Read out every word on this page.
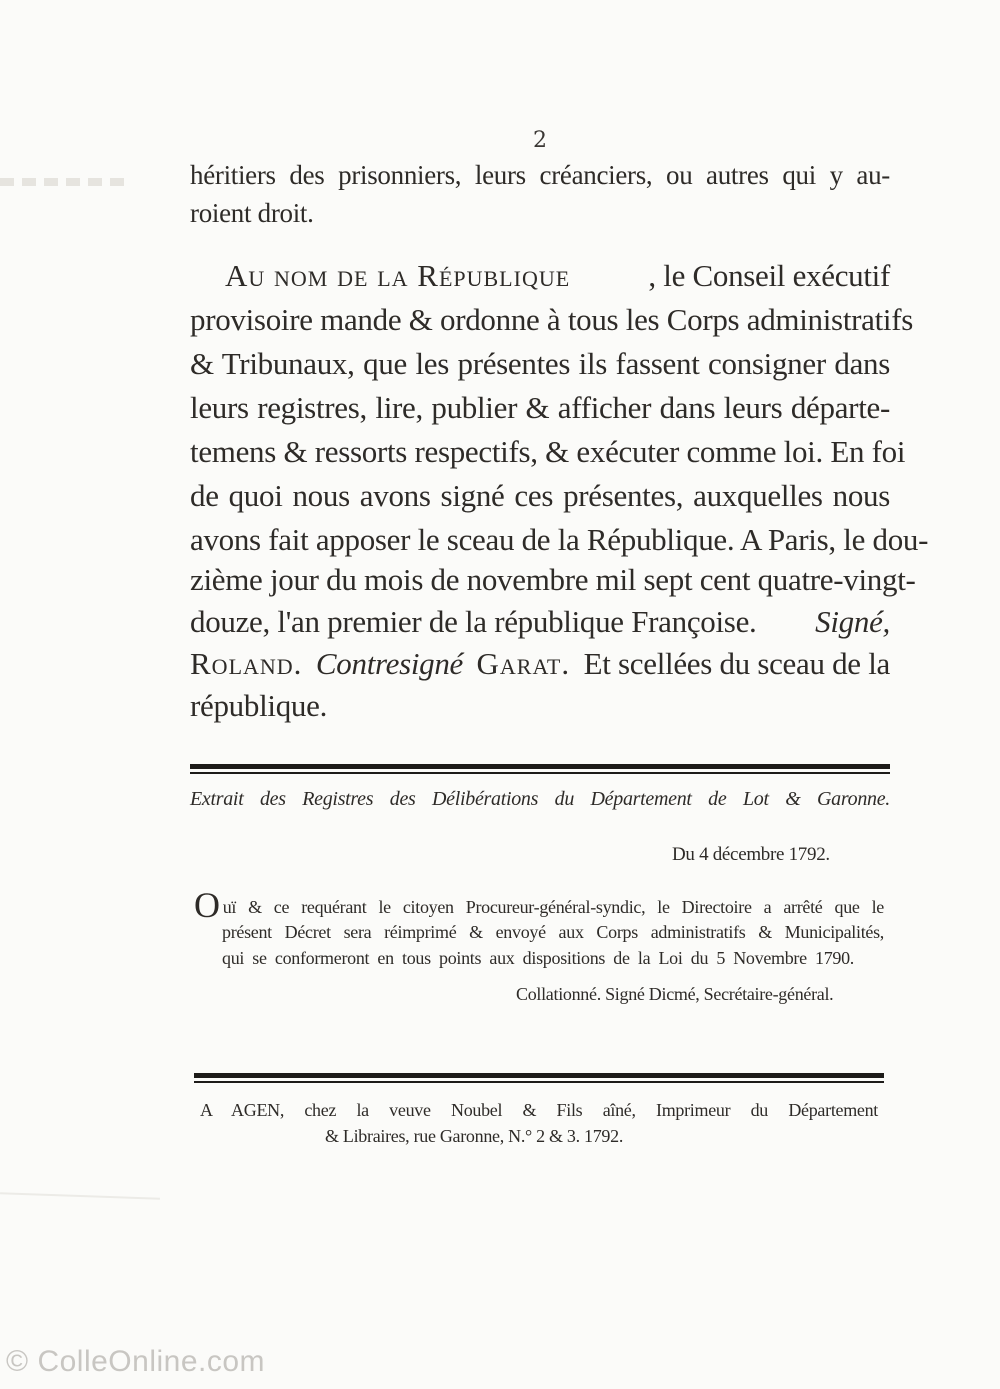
2
héritiers des prisonniers, leurs créanciers, ou autres qui y au-
roient droit.
Au nom de la République	, le Conseil exécutif
provisoire mande & ordonne à tous les Corps administratifs
& Tribunaux, que les présentes ils fassent consigner dans
leurs registres, lire, publier & afficher dans leurs départe-
temens & ressorts respectifs, & exécuter comme loi. En foi
de quoi nous avons signé ces présentes, auxquelles nous
avons fait apposer le sceau de la République. A Paris, le dou-
zième jour du mois de novembre mil sept cent quatre-vingt-
douze, l'an premier de la république Françoise. Signé,
Roland. Contresigné Garat. Et scellées du sceau de la
république.
Extrait des Registres des Délibérations du Département de Lot & Garonne.
Du 4 décembre 1792.
Ouï & ce requérant le citoyen Procureur-général-syndic, le Directoire a arrêté que le
présent Décret sera réimprimé & envoyé aux Corps administratifs & Municipalités,
qui se conformeront en tous points aux dispositions de la Loi du 5 Novembre 1790.
Collationné. Signé Dicmé, Secrétaire-général.
A AGEN, chez la veuve Noubel & Fils aîné, Imprimeur du Département
& Libraires, rue Garonne, N.° 2 & 3. 1792.
© ColleOnline.com
